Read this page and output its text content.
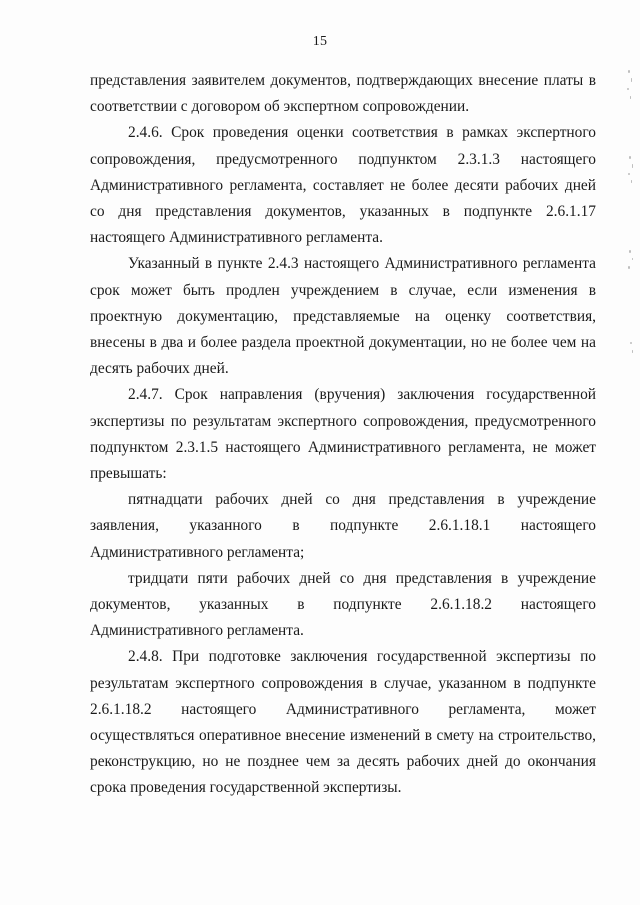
15

представления заявителем документов, подтверждающих внесение платы в соответствии с договором об экспертном сопровождении.

2.4.6. Срок проведения оценки соответствия в рамках экспертного сопровождения, предусмотренного подпунктом 2.3.1.3 настоящего Административного регламента, составляет не более десяти рабочих дней со дня представления документов, указанных в подпункте 2.6.1.17 настоящего Административного регламента.

Указанный в пункте 2.4.3 настоящего Административного регламента срок может быть продлен учреждением в случае, если изменения в проектную документацию, представляемые на оценку соответствия, внесены в два и более раздела проектной документации, но не более чем на десять рабочих дней.

2.4.7. Срок направления (вручения) заключения государственной экспертизы по результатам экспертного сопровождения, предусмотренного подпунктом 2.3.1.5 настоящего Административного регламента, не может превышать:

пятнадцати рабочих дней со дня представления в учреждение заявления, указанного в подпункте 2.6.1.18.1 настоящего Административного регламента;

тридцати пяти рабочих дней со дня представления в учреждение документов, указанных в подпункте 2.6.1.18.2 настоящего Административного регламента.

2.4.8. При подготовке заключения государственной экспертизы по результатам экспертного сопровождения в случае, указанном в подпункте 2.6.1.18.2 настоящего Административного регламента, может осуществляться оперативное внесение изменений в смету на строительство, реконструкцию, но не позднее чем за десять рабочих дней до окончания срока проведения государственной экспертизы.
